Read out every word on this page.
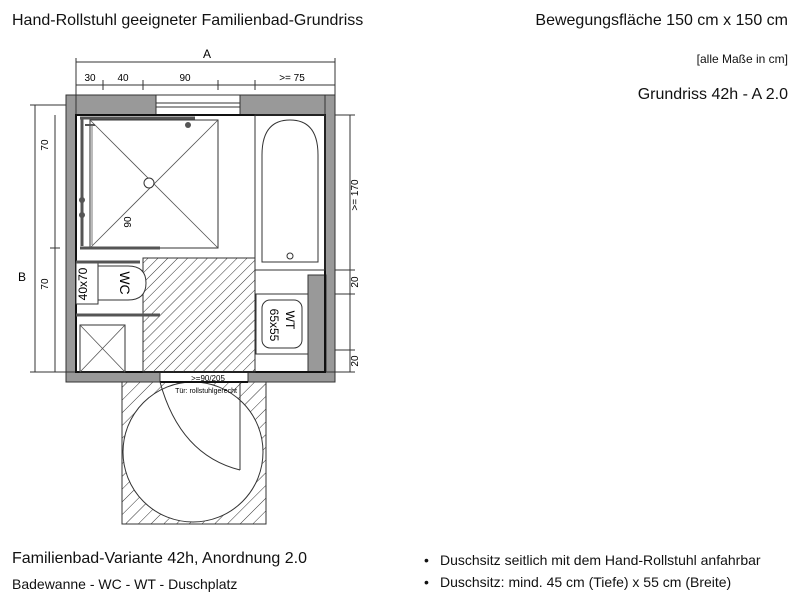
Hand-Rollstuhl geeigneter Familienbad-Grundriss	Bewegungsfläche 150 cm x 150 cm
[alle Maße in cm]
Grundriss 42h - A 2.0
A
30 40	90	>= 75
B
70
70
90
>= 170
20
20
WC
40x70
WT
65x55
>=90/205
Tür: rollstuhlgerecht
Familienbad-Variante 42h, Anordnung 2.0
Badewanne - WC - WT - Duschplatz
• Duschsitz seitlich mit dem Hand-Rollstuhl anfahrbar
• Duschsitz: mind. 45 cm (Tiefe) x 55 cm (Breite)
